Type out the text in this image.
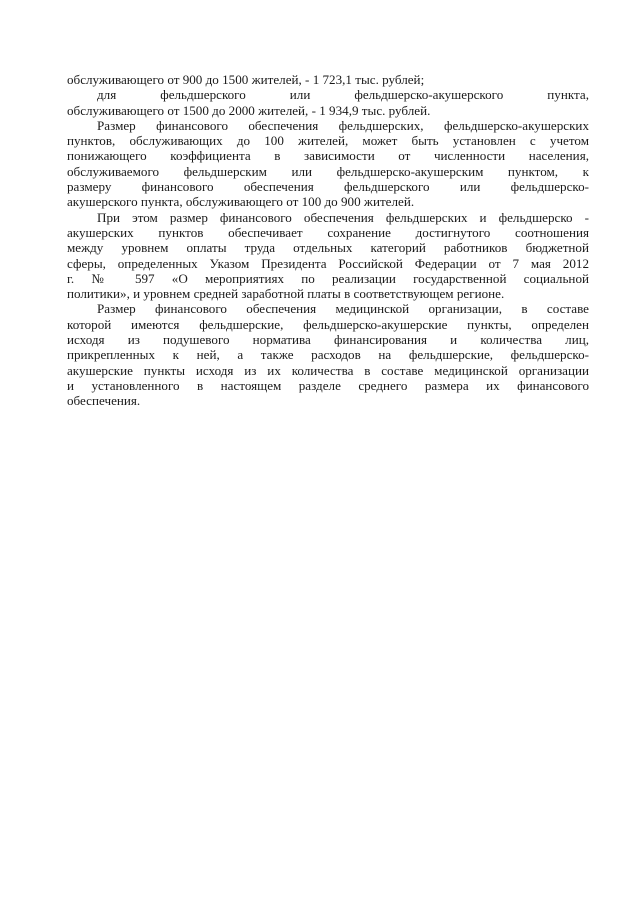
обслуживающего от 900 до 1500 жителей, - 1 723,1 тыс. рублей;
для фельдшерского или фельдшерско-акушерского пункта,
обслуживающего от 1500 до 2000 жителей, - 1 934,9 тыс. рублей.
Размер финансового обеспечения фельдшерских, фельдшерско-акушерских
пунктов, обслуживающих до 100 жителей, может быть установлен с учетом
понижающего коэффициента в зависимости от численности населения,
обслуживаемого фельдшерским или фельдшерско-акушерским пунктом, к
размеру финансового обеспечения фельдшерского или фельдшерско-
акушерского пункта, обслуживающего от 100 до 900 жителей.
При этом размер финансового обеспечения фельдшерских и фельдшерско -
акушерских пунктов обеспечивает сохранение достигнутого соотношения
между уровнем оплаты труда отдельных категорий работников бюджетной
сферы, определенных Указом Президента Российской Федерации от 7 мая 2012
г. № 597 «О мероприятиях по реализации государственной социальной
политики», и уровнем средней заработной платы в соответствующем регионе.
Размер финансового обеспечения медицинской организации, в составе
которой имеются фельдшерские, фельдшерско-акушерские пункты, определен
исходя из подушевого норматива финансирования и количества лиц,
прикрепленных к ней, а также расходов на фельдшерские, фельдшерско-
акушерские пункты исходя из их количества в составе медицинской организации
и установленного в настоящем разделе среднего размера их финансового
обеспечения.
